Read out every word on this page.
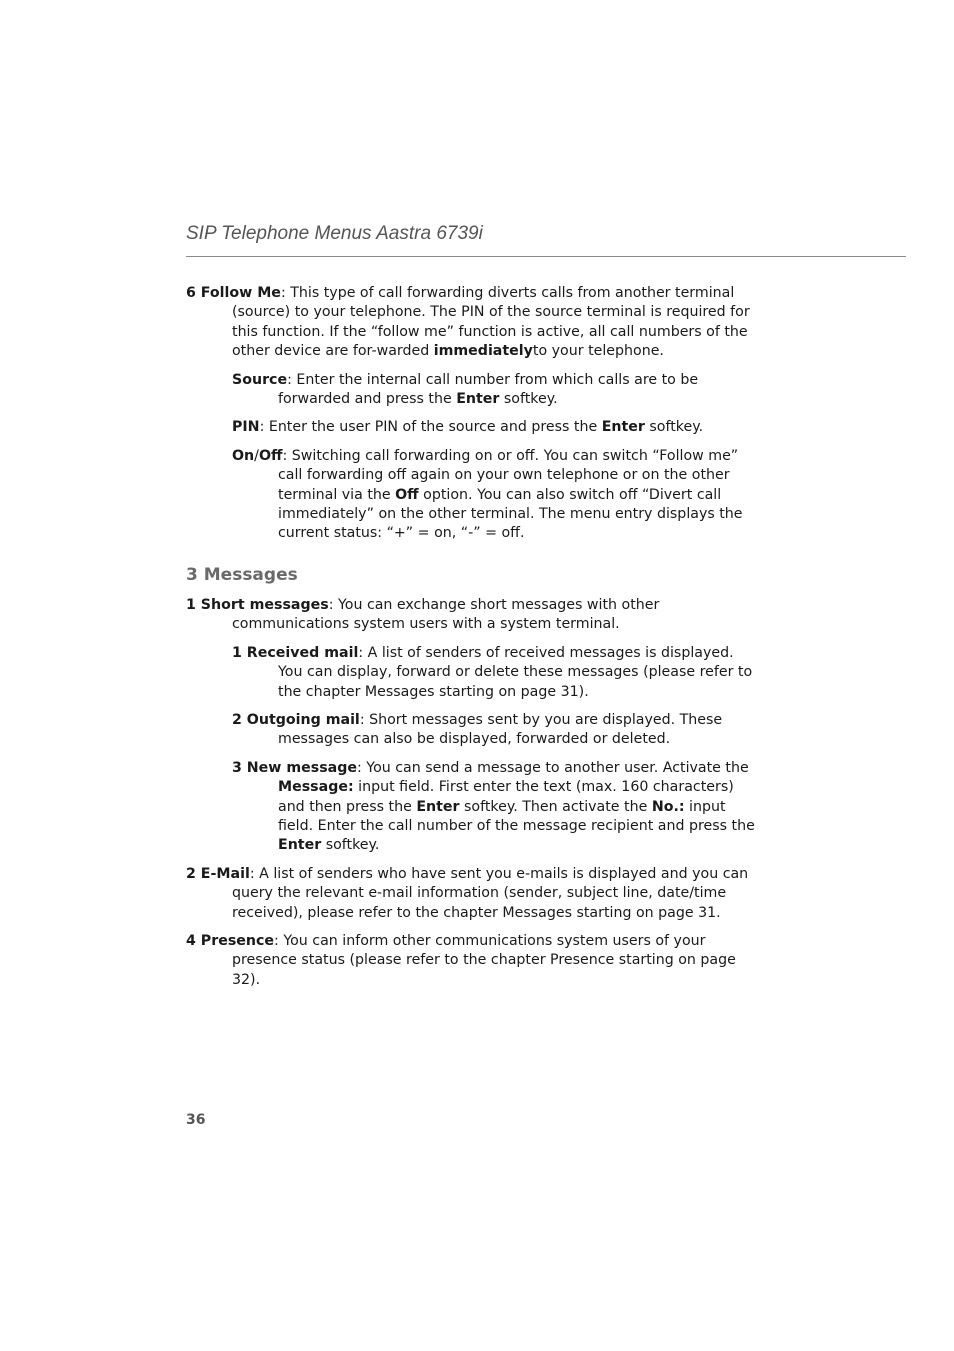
SIP Telephone Menus Aastra 6739i

6 Follow Me: This type of call forwarding diverts calls from another terminal (source) to your telephone. The PIN of the source terminal is required for this function. If the “follow me” function is active, all call numbers of the other device are for-warded immediatelyto your telephone.

Source: Enter the internal call number from which calls are to be forwarded and press the Enter softkey.

PIN: Enter the user PIN of the source and press the Enter softkey.

On/Off: Switching call forwarding on or off. You can switch “Follow me” call forwarding off again on your own telephone or on the other terminal via the Off option. You can also switch off “Divert call immediately” on the other terminal. The menu entry displays the current status: “+” = on, “-” = off.

3 Messages

1 Short messages: You can exchange short messages with other communications system users with a system terminal.

1 Received mail: A list of senders of received messages is displayed. You can display, forward or delete these messages (please refer to the chapter Messages starting on page 31).

2 Outgoing mail: Short messages sent by you are displayed. These messages can also be displayed, forwarded or deleted.

3 New message: You can send a message to another user. Activate the Message: input field. First enter the text (max. 160 characters) and then press the Enter softkey. Then activate the No.: input field. Enter the call number of the message recipient and press the Enter softkey.

2 E-Mail: A list of senders who have sent you e-mails is displayed and you can query the relevant e-mail information (sender, subject line, date/time received), please refer to the chapter Messages starting on page 31.

4 Presence: You can inform other communications system users of your presence status (please refer to the chapter Presence starting on page 32).

36
